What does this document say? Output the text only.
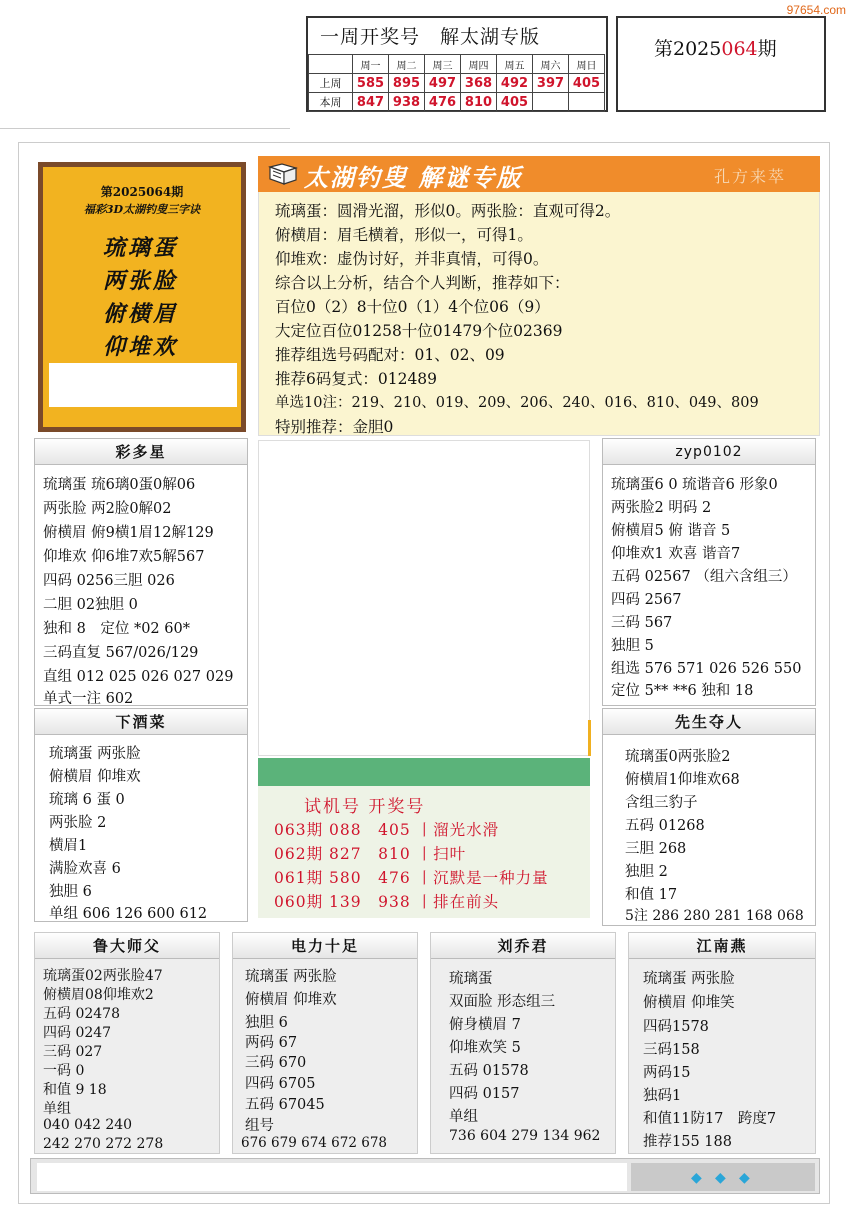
97654.com
一周开奖号　解太湖专版
	周一	周二	周三	周四	周五	周六	周日
上周	585	895	497	368	492	397	405
本周	847	938	476	810	405		
第2025064期
第2025064期
福彩3D太湖钓叟三字诀
琉璃蛋
两张脸
俯横眉
仰堆欢
琉璃蛋：圆滑光溜，形似0。两张脸：直观可得2。
俯横眉：眉毛横着，形似一，可得1。
仰堆欢：虚伪讨好，并非真情，可得0。
综合以上分析，结合个人判断，推荐如下：
百位0（2）8十位0（1）4个位06（9）
大定位百位01258十位01479个位02369
推荐组选号码配对：01、02、09
推荐6码复式：012489
单选10注：219、210、019、209、206、240、016、810、049、809
特别推荐：金胆0
太湖钓叟 解谜专版	孔方来萃
彩多星
琉璃蛋 琉6璃0蛋0解06
两张脸 两2脸0解02
俯横眉 俯9横1眉12解129
仰堆欢 仰6堆7欢5解567
四码 0256三胆 026
二胆 02独胆 0
独和 8　定位 *02 60*
三码直复 567/026/129
直组 012 025 026 027 029
单式一注 602
下酒菜
琉璃蛋 两张脸
俯横眉 仰堆欢
琉璃 6 蛋 0
两张脸 2
横眉1
满脸欢喜 6
独胆 6
单组 606 126 600 612
zyp0102
琉璃蛋6 0 琉谐音6 形象0
两张脸2 明码 2
俯横眉5 俯 谐音 5
仰堆欢1 欢喜 谐音7
五码 02567 （组六含组三）
四码 2567
三码 567
独胆 5
组选 576 571 026 526 550
定位 5** **6 独和 18
先生夺人
琉璃蛋0两张脸2
俯横眉1仰堆欢68
含组三豹子
五码 01268
三胆 268
独胆 2
和值 17
5注 286 280 281 168 068
试机号 开奖号
063期 088　405 丨溜光水滑
062期 827　810 丨扫叶
061期 580　476 丨沉默是一种力量
060期 139　938 丨排在前头
鲁大师父
琉璃蛋02两张脸47
俯横眉08仰堆欢2
五码 02478
四码 0247
三码 027
一码 0
和值 9 18
单组
040 042 240
242 270 272 278
电力十足
琉璃蛋 两张脸
俯横眉 仰堆欢
独胆 6
两码 67
三码 670
四码 6705
五码 67045
组号
676 679 674 672 678
刘乔君
琉璃蛋
双面脸 形态组三
俯身横眉 7
仰堆欢笑 5
五码 01578
四码 0157
单组
736 604 279 134 962
江南燕
琉璃蛋 两张脸
俯横眉 仰堆笑
四码1578
三码158
两码15
独码1
和值11防17　跨度7
推荐155 188
◆ ◆ ◆
